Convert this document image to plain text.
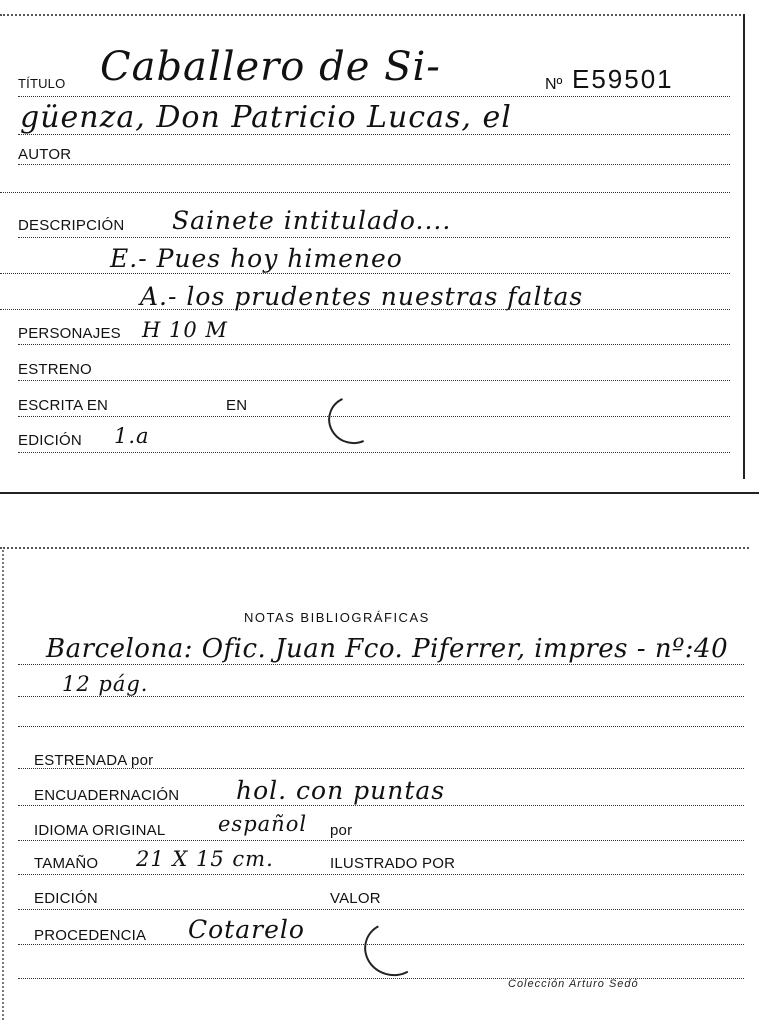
TÍTULO Caballero de Si-	Nº E59501
güenza, Don Patricio Lucas, el
AUTOR
DESCRIPCIÓN Sainete intitulado....
E.- Pues hoy himeneo
A.- los prudentes nuestras faltas
PERSONAJES H 10 M
ESTRENO
ESCRITA EN	EN
EDICIÓN 1.a
NOTAS BIBLIOGRÁFICAS
Barcelona: Ofic. Juan Fco. Piferrer, impres - nº:40
12 pág.
ESTRENADA por
ENCUADERNACIÓN hol. con puntas
IDIOMA ORIGINAL	español por
TAMAÑO 21 X 15 cm.	ILUSTRADO POR
EDICIÓN	VALOR
PROCEDENCIA Cotarelo
Colección Arturo Sedó
